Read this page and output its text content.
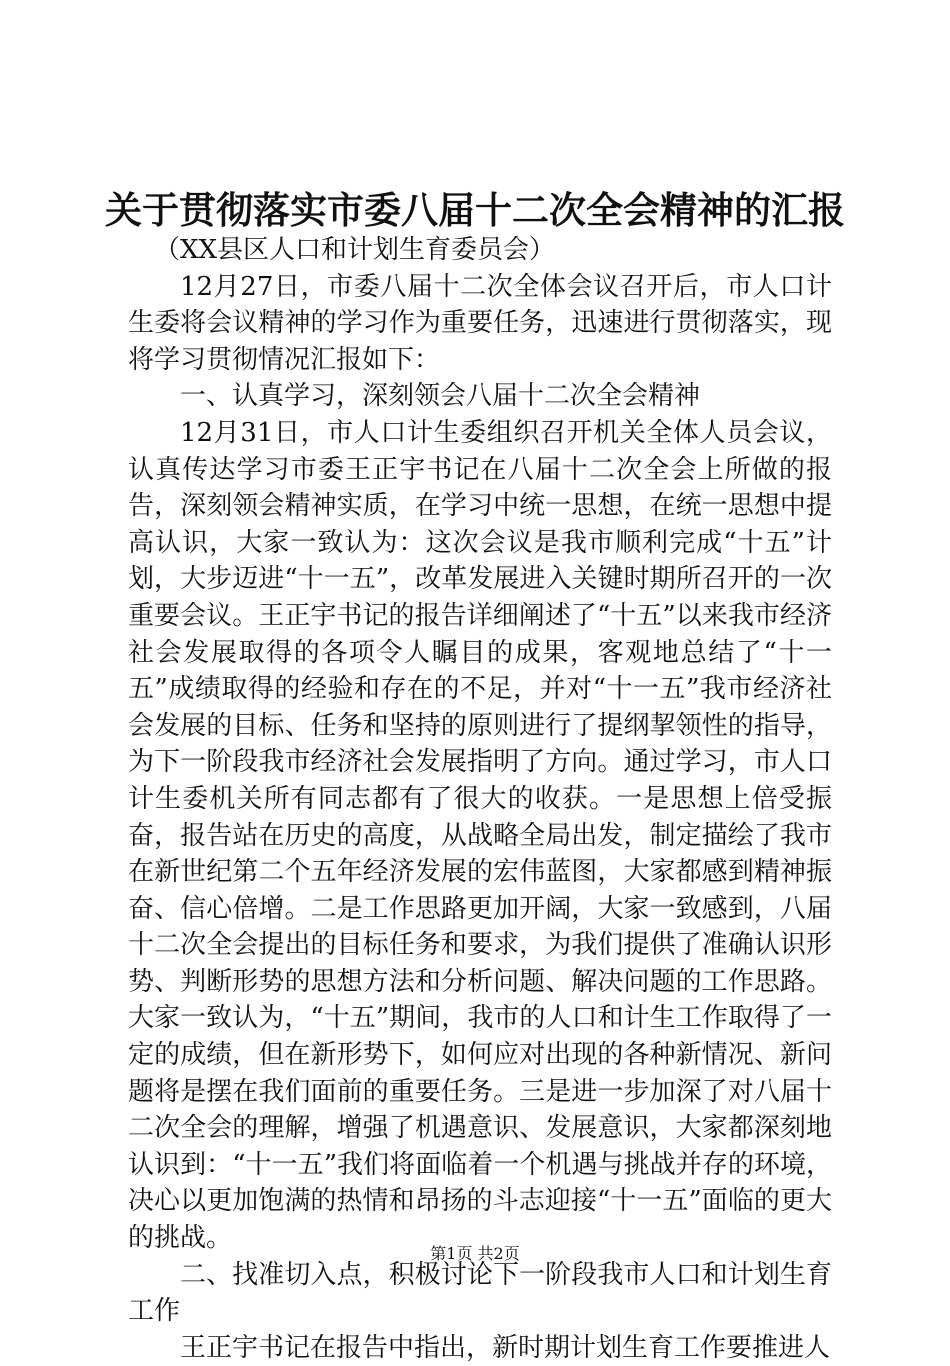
关于贯彻落实市委八届十二次全会精神的汇报

（XX县区人口和计划生育委员会）

12月27日，市委八届十二次全体会议召开后，市人口计生委将会议精神的学习作为重要任务，迅速进行贯彻落实，现将学习贯彻情况汇报如下：

一、认真学习，深刻领会八届十二次全会精神

12月31日，市人口计生委组织召开机关全体人员会议，认真传达学习市委王正宇书记在八届十二次全会上所做的报告，深刻领会精神实质，在学习中统一思想，在统一思想中提高认识，大家一致认为：这次会议是我市顺利完成“十五”计划，大步迈进“十一五”，改革发展进入关键时期所召开的一次重要会议。王正宇书记的报告详细阐述了“十五”以来我市经济社会发展取得的各项令人瞩目的成果，客观地总结了“十一五”成绩取得的经验和存在的不足，并对“十一五”我市经济社会发展的目标、任务和坚持的原则进行了提纲挈领性的指导，为下一阶段我市经济社会发展指明了方向。通过学习，市人口计生委机关所有同志都有了很大的收获。一是思想上倍受振奋，报告站在历史的高度，从战略全局出发，制定描绘了我市在新世纪第二个五年经济发展的宏伟蓝图，大家都感到精神振奋、信心倍增。二是工作思路更加开阔，大家一致感到，八届十二次全会提出的目标任务和要求，为我们提供了准确认识形势、判断形势的思想方法和分析问题、解决问题的工作思路。大家一致认为，“十五”期间，我市的人口和计生工作取得了一定的成绩，但在新形势下，如何应对出现的各种新情况、新问题将是摆在我们面前的重要任务。三是进一步加深了对八届十二次全会的理解，增强了机遇意识、发展意识，大家都深刻地认识到：“十一五”我们将面临着一个机遇与挑战并存的环境，决心以更加饱满的热情和昂扬的斗志迎接“十一五”面临的更大的挑战。

二、找准切入点，积极讨论下一阶段我市人口和计划生育工作

王正宇书记在报告中指出，新时期计划生育工作要推进人

第1页 共2页
